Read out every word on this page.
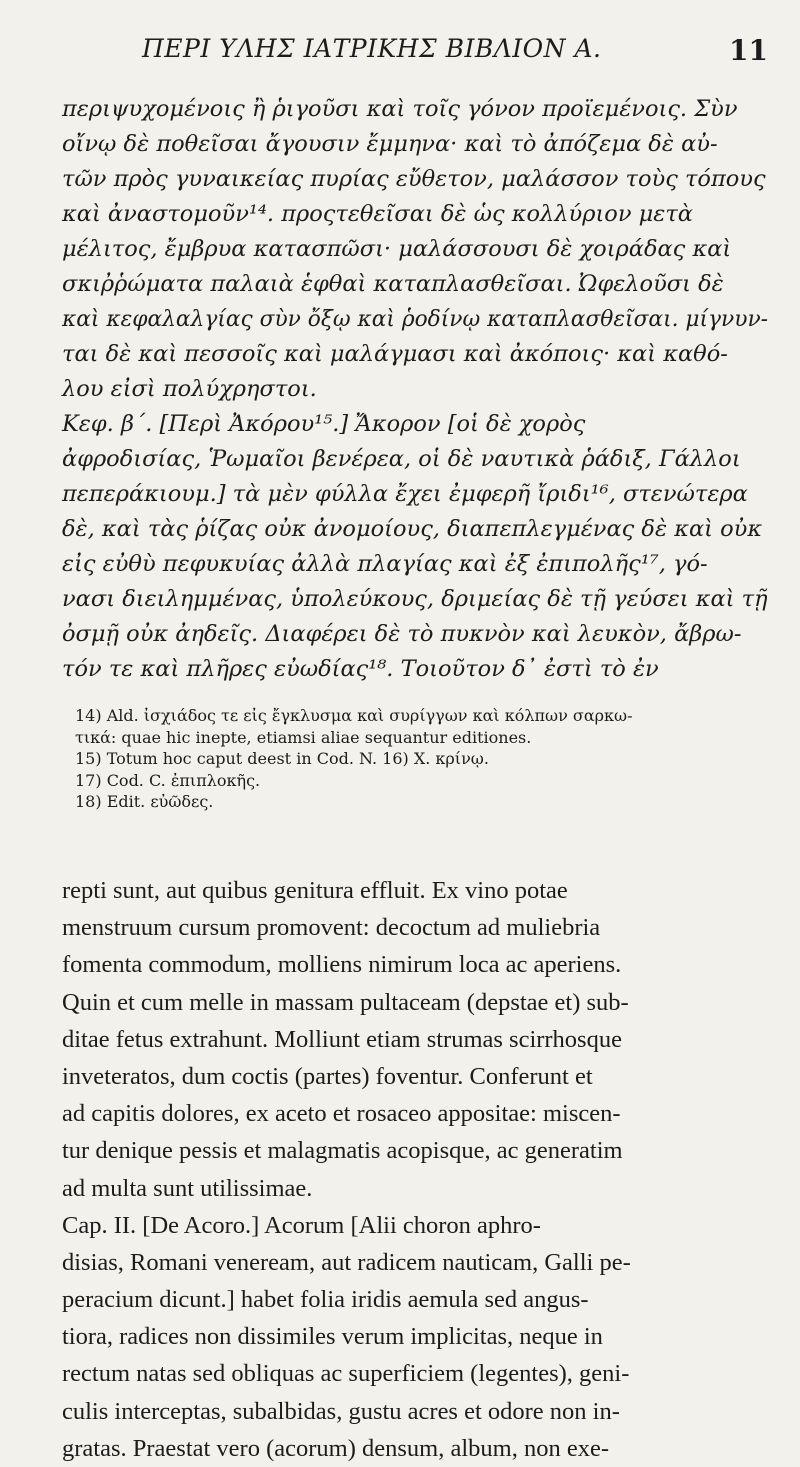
ΠΕΡΙ ΥΛΗΣ ΙΑΤΡΙΚΗΣ ΒΙΒΛΙΟΝ Α.	11
περιψυχομένοις ἢ ῥιγοῦσι καὶ τοῖς γόνον προϊεμένοις. Σὺν
οἴνῳ δὲ ποθεῖσαι ἄγουσιν ἔμμηνα· καὶ τὸ ἀπόζεμα δὲ αὐ-
τῶν πρὸς γυναικείας πυρίας εὔθετον, μαλάσσον τοὺς τόπους
καὶ ἀναστομοῦν¹⁴. προςτεθεῖσαι δὲ ὡς κολλύριον μετὰ
μέλιτος, ἔμβρυα κατασπῶσι· μαλάσσουσι δὲ χοιράδας καὶ
σκιῤῥώματα παλαιὰ ἑφθαὶ καταπλασθεῖσαι. Ὠφελοῦσι δὲ
καὶ κεφαλαλγίας σὺν ὄξῳ καὶ ῥοδίνῳ καταπλασθεῖσαι. μίγνυν-
ται δὲ καὶ πεσσοῖς καὶ μαλάγμασι καὶ ἀκόποις· καὶ καθό-
λου εἰσὶ πολύχρηστοι.
Κεφ. β΄. [Περὶ Ἀκόρου¹⁵.] Ἄκορον [οἱ δὲ χορὸς
ἀφροδισίας, Ῥωμαῖοι βενέρεα, οἱ δὲ ναυτικὰ ῥάδιξ, Γάλλοι
πεπεράκιουμ.] τὰ μὲν φύλλα ἔχει ἐμφερῆ ἴριδι¹⁶, στενώτερα
δὲ, καὶ τὰς ῥίζας οὐκ ἀνομοίους, διαπεπλεγμένας δὲ καὶ οὐκ
εἰς εὐθὺ πεφυκυίας ἀλλὰ πλαγίας καὶ ἐξ ἐπιπολῆς¹⁷, γό-
νασι διειλημμένας, ὑπολεύκους, δριμείας δὲ τῇ γεύσει καὶ τῇ
ὀσμῇ οὐκ ἀηδεῖς. Διαφέρει δὲ τὸ πυκνὸν καὶ λευκὸν, ἄβρω-
τόν τε καὶ πλῆρες εὐωδίας¹⁸. Τοιοῦτον δ᾽ ἐστὶ τὸ ἐν
14) Ald. ἰσχιάδος τε εἰς ἔγκλυσμα καὶ συρίγγων καὶ κόλπων σαρκω-
τικά: quae hic inepte, etiamsi aliae sequantur editiones.
15) Totum hoc caput deest in Cod. N. 16) X. κρίνῳ.
17) Cod. C. ἐπιπλοκῆς.
18) Edit. εὐῶδες.
repti sunt, aut quibus genitura effluit. Ex vino potae
menstruum cursum promovent: decoctum ad muliebria
fomenta commodum, molliens nimirum loca ac aperiens.
Quin et cum melle in massam pultaceam (depstae et) sub-
ditae fetus extrahunt. Molliunt etiam strumas scirrhosque
inveteratos, dum coctis (partes) foventur. Conferunt et
ad capitis dolores, ex aceto et rosaceo appositae: miscen-
tur denique pessis et malagmatis acopisque, ac generatim
ad multa sunt utilissimae.
Cap. II. [De Acoro.] Acorum [Alii choron aphro-
disias, Romani veneream, aut radicem nauticam, Galli pe-
peracium dicunt.] habet folia iridis aemula sed angus-
tiora, radices non dissimiles verum implicitas, neque in
rectum natas sed obliquas ac superficiem (legentes), geni-
culis interceptas, subalbidas, gustu acres et odore non in-
gratas. Praestat vero (acorum) densum, album, non exe-
